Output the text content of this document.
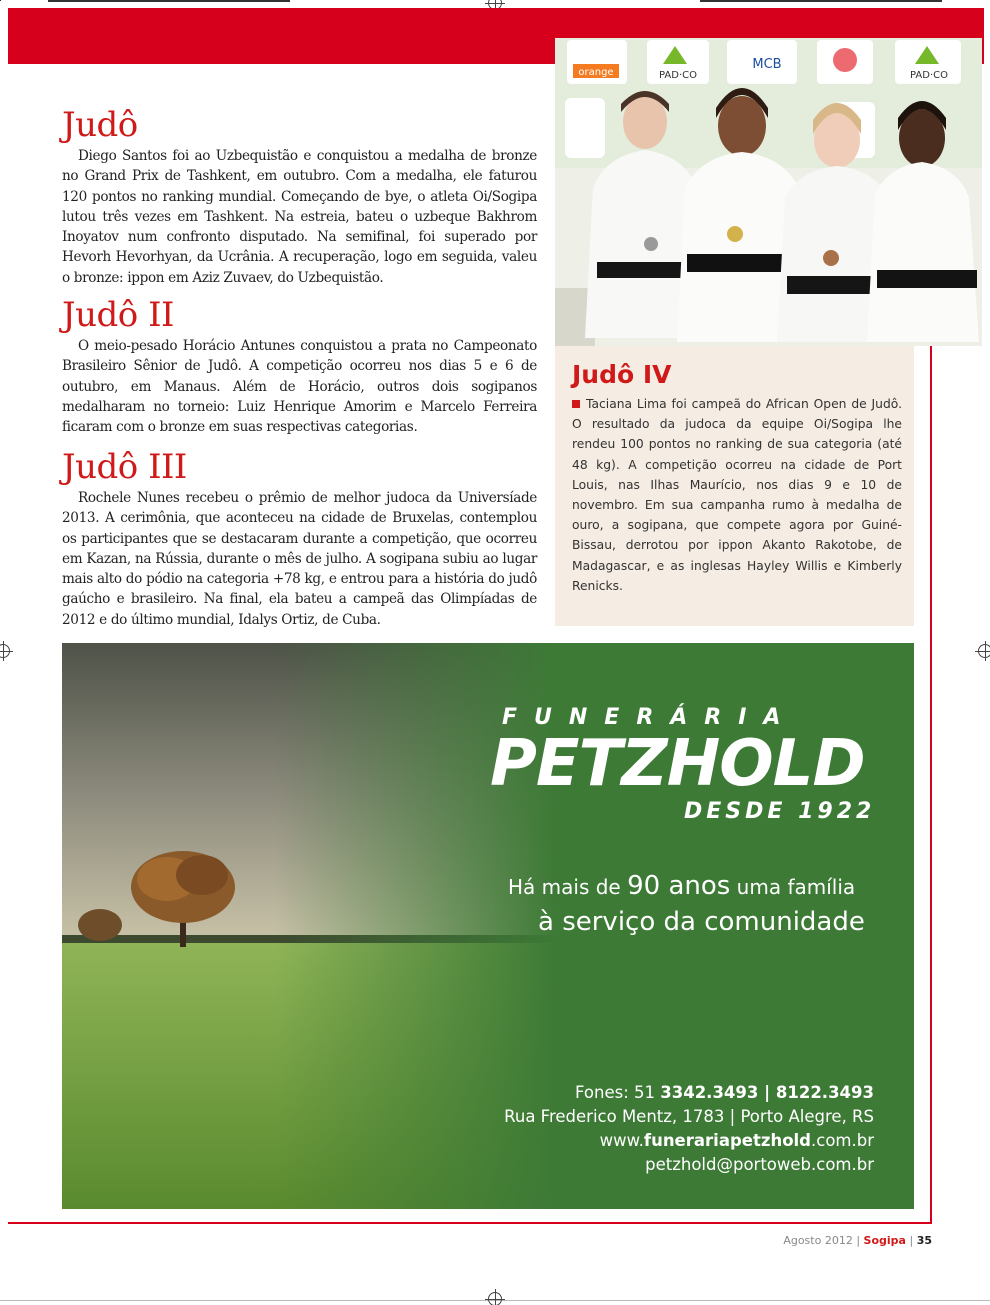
Judô

Diego Santos foi ao Uzbequistão e conquistou a medalha de bronze no Grand Prix de Tashkent, em outubro. Com a medalha, ele faturou 120 pontos no ranking mundial. Começando de bye, o atleta Oi/Sogipa lutou três vezes em Tashkent. Na estreia, bateu o uzbeque Bakhrom Inoyatov num confronto disputado. Na semifinal, foi superado por Hevorh Hevorhyan, da Ucrânia. A recuperação, logo em seguida, valeu o bronze: ippon em Aziz Zuvaev, do Uzbequistão.

Judô II

O meio-pesado Horácio Antunes conquistou a prata no Campeonato Brasileiro Sênior de Judô. A competição ocorreu nos dias 5 e 6 de outubro, em Manaus. Além de Horácio, outros dois sogipanos medalharam no torneio: Luiz Henrique Amorim e Marcelo Ferreira ficaram com o bronze em suas respectivas categorias.

Judô III

Rochele Nunes recebeu o prêmio de melhor judoca da Universíade 2013. A cerimônia, que aconteceu na cidade de Bruxelas, contemplou os participantes que se destacaram durante a competição, que ocorreu em Kazan, na Rússia, durante o mês de julho. A sogipana subiu ao lugar mais alto do pódio na categoria +78 kg, e entrou para a história do judô gaúcho e brasileiro. Na final, ela bateu a campeã das Olimpíadas de 2012 e do último mundial, Idalys Ortiz, de Cuba.

orange	PAD·CO
MCB
PAD·CO
Judô IV

Taciana Lima foi campeã do African Open de Judô. O resultado da judoca da equipe Oi/Sogipa lhe rendeu 100 pontos no ranking de sua categoria (até 48 kg). A competição ocorreu na cidade de Port Louis, nas Ilhas Maurício, nos dias 9 e 10 de novembro. Em sua campanha rumo à medalha de ouro, a sogipana, que compete agora por Guiné-Bissau, derrotou por ippon Akanto Rakotobe, de Madagascar, e as inglesas Hayley Willis e Kimberly Renicks.

FUNERÁRIA
PETZHOLD
DESDE 1922
Há mais de 90 anos uma família
à serviço da comunidade
Fones: 51 3342.3493 | 8122.3493
Rua Frederico Mentz, 1783 | Porto Alegre, RS
www.funerariapetzhold.com.br
petzhold@portoweb.com.br
Agosto 2012 | Sogipa | 35
